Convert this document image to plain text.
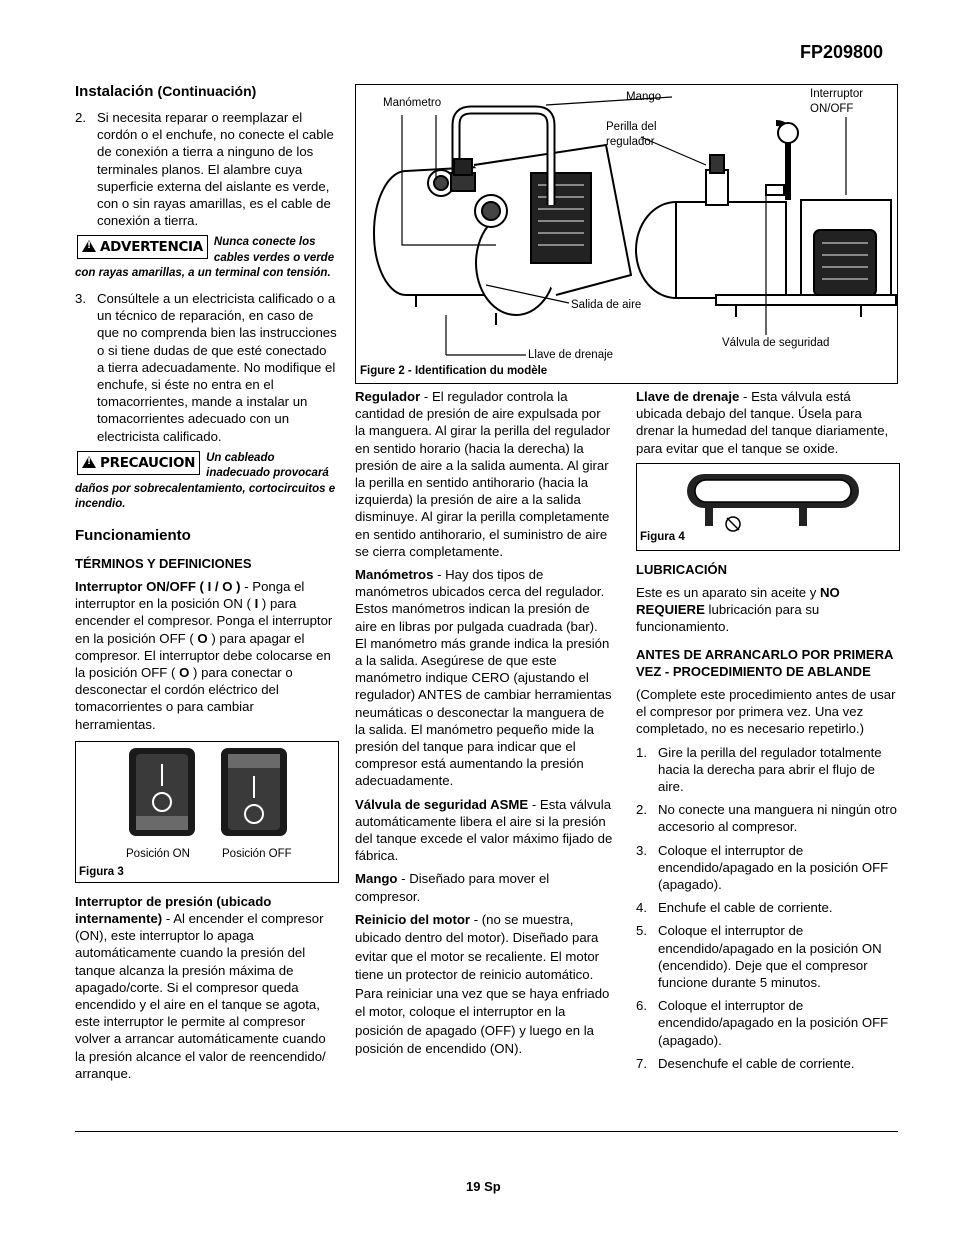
FP209800
Instalación (Continuación)
2. Si necesita reparar o reemplazar el cordón o el enchufe, no conecte el cable de conexión a tierra a ninguno de los terminales planos. El alambre cuya superficie externa del aislante es verde, con o sin rayas amarillas, es el cable de conexión a tierra.
!ADVERTENCIA Nunca conecte los cables verdes o verde con rayas amarillas, a un terminal con tensión.
3. Consúltele a un electricista calificado o a un técnico de reparación, en caso de que no comprenda bien las instrucciones o si tiene dudas de que esté conectado a tierra adecuadamente. No modifique el enchufe, si éste no entra en el tomacorrientes, mande a instalar un tomacorrientes adecuado con un electricista calificado.
!PRECAUCION Un cableado inadecuado provocará daños por sobrecalentamiento, cortocircuitos e incendio.
Funcionamiento
TÉRMINOS Y DEFINICIONES

Interruptor ON/OFF ( I / O ) - Ponga el interruptor en la posición ON ( I ) para encender el compresor. Ponga el interruptor en la posición OFF ( O ) para apagar el compresor. El interruptor debe colocarse en la posición OFF ( O ) para conectar o desconectar el cordón eléctrico del tomacorrientes o para cambiar herramientas.

Posición ON	Posición OFF
Figura 3

Interruptor de presión (ubicado internamente) - Al encender el compresor (ON), este interruptor lo apaga automáticamente cuando la presión del tanque alcanza la presión máxima de apagado/corte. Si el compresor queda encendido y el aire en el tanque se agota, este interruptor le permite al compresor volver a arrancar automáticamente cuando la presión alcance el valor de reencendido/ arranque.

Manómetro	Mango
Perilla del
regulador
Interruptor
ON/OFF
Salida de aire
Llave de drenaje
Válvula de seguridad
Figure 2 - Identification du modèle

Regulador - El regulador controla la cantidad de presión de aire expulsada por la manguera. Al girar la perilla del regulador en sentido horario (hacia la derecha) la presión de aire a la salida aumenta. Al girar la perilla en sentido antihorario (hacia la izquierda) la presión de aire a la salida disminuye. Al girar la perilla completamente en sentido antihorario, el suministro de aire se cierra completamente.

Manómetros - Hay dos tipos de manómetros ubicados cerca del regulador. Estos manómetros indican la presión de aire en libras por pulgada cuadrada (bar). El manómetro más grande indica la presión a la salida. Asegúrese de que este manómetro indique CERO (ajustando el regulador) ANTES de cambiar herramientas neumáticas o desconectar la manguera de la salida. El manómetro pequeño mide la presión del tanque para indicar que el compresor está aumentando la presión adecuadamente.

Válvula de seguridad ASME - Esta válvula automáticamente libera el aire si la presión del tanque excede el valor máximo fijado de fábrica.

Mango - Diseñado para mover el compresor.

Reinicio del motor - (no se muestra, ubicado dentro del motor). Diseñado para evitar que el motor se recaliente. El motor tiene un protector de reinicio automático. Para reiniciar una vez que se haya enfriado el motor, coloque el interruptor en la posición de apagado (OFF) y luego en la posición de encendido (ON).

Llave de drenaje - Esta válvula está ubicada debajo del tanque. Úsela para drenar la humedad del tanque diariamente, para evitar que el tanque se oxide.

Figura 4
LUBRICACIÓN

Este es un aparato sin aceite y NO REQUIERE lubricación para su funcionamiento.

ANTES DE ARRANCARLO POR PRIMERA VEZ - PROCEDIMIENTO DE ABLANDE

(Complete este procedimiento antes de usar el compresor por primera vez. Una vez completado, no es necesario repetirlo.)

1. Gire la perilla del regulador totalmente hacia la derecha para abrir el flujo de aire.
2. No conecte una manguera ni ningún otro accesorio al compresor.
3. Coloque el interruptor de encendido/apagado en la posición OFF (apagado).
4. Enchufe el cable de corriente.
5. Coloque el interruptor de encendido/apagado en la posición ON (encendido). Deje que el compresor funcione durante 5 minutos.
6. Coloque el interruptor de encendido/apagado en la posición OFF (apagado).
7. Desenchufe el cable de corriente.
19 Sp
